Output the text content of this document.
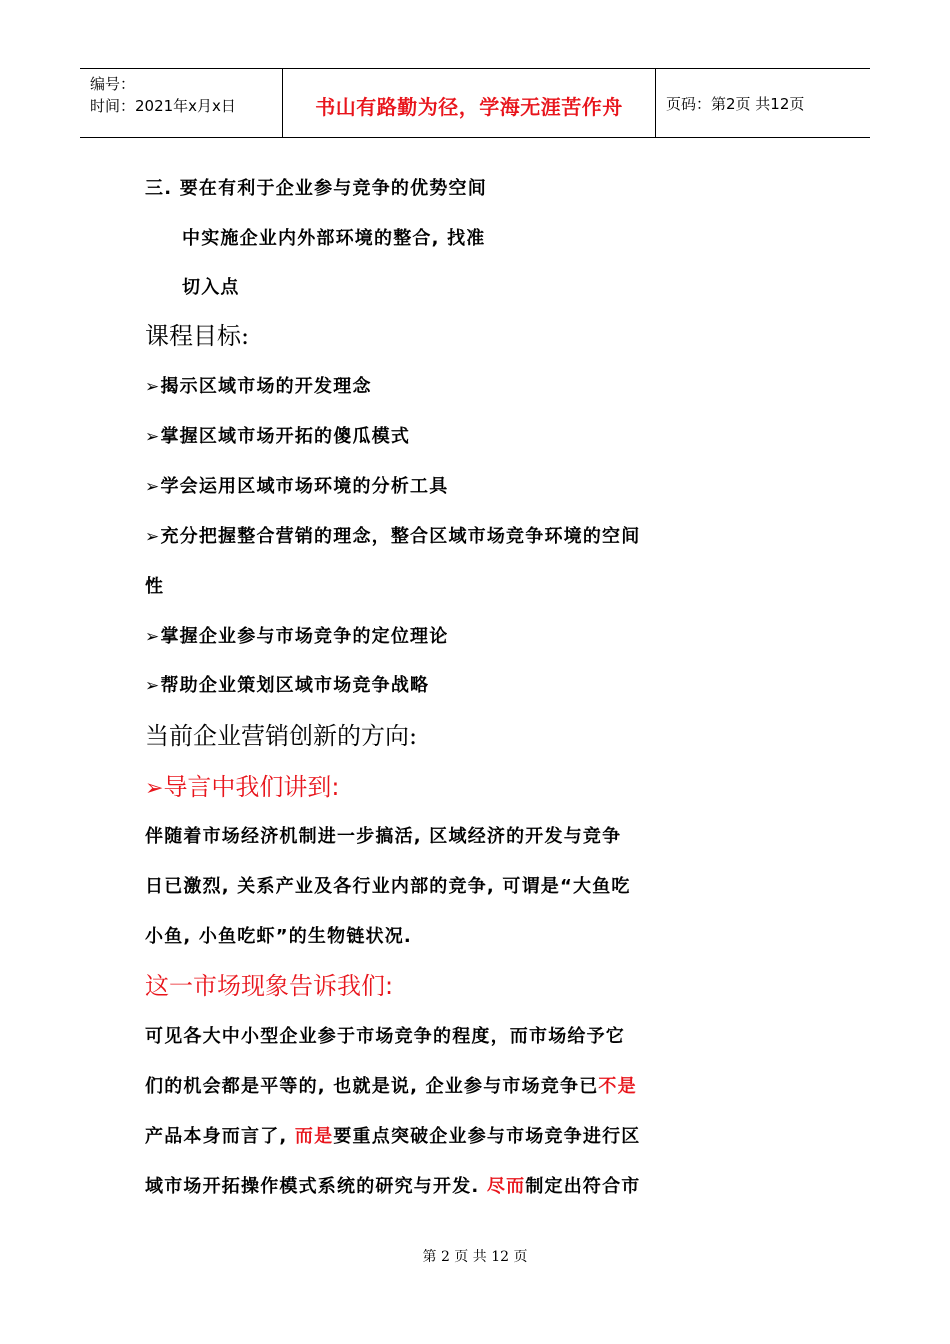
编号：
时间：2021年x月x日	书山有路勤为径，学海无涯苦作舟	页码：第2页 共12页
三. 要在有利于企业参与竞争的优势空间
中实施企业内外部环境的整合, 找准
切入点
课程目标:
➢揭示区域市场的开发理念
➢掌握区域市场开拓的傻瓜模式
➢学会运用区域市场环境的分析工具
➢充分把握整合营销的理念，整合区域市场竞争环境的空间
性
➢掌握企业参与市场竞争的定位理论
➢帮助企业策划区域市场竞争战略
当前企业营销创新的方向:
➢导言中我们讲到:
伴随着市场经济机制进一步搞活, 区域经济的开发与竞争
日已激烈, 关系产业及各行业内部的竞争, 可谓是“大鱼吃
小鱼, 小鱼吃虾”的生物链状况.
这一市场现象告诉我们:
可见各大中小型企业参于市场竞争的程度，而市场给予它
们的机会都是平等的, 也就是说, 企业参与市场竞争已不是
产品本身而言了, 而是要重点突破企业参与市场竞争进行区
域市场开拓操作模式系统的研究与开发. 尽而制定出符合市
第 2 页 共 12 页
